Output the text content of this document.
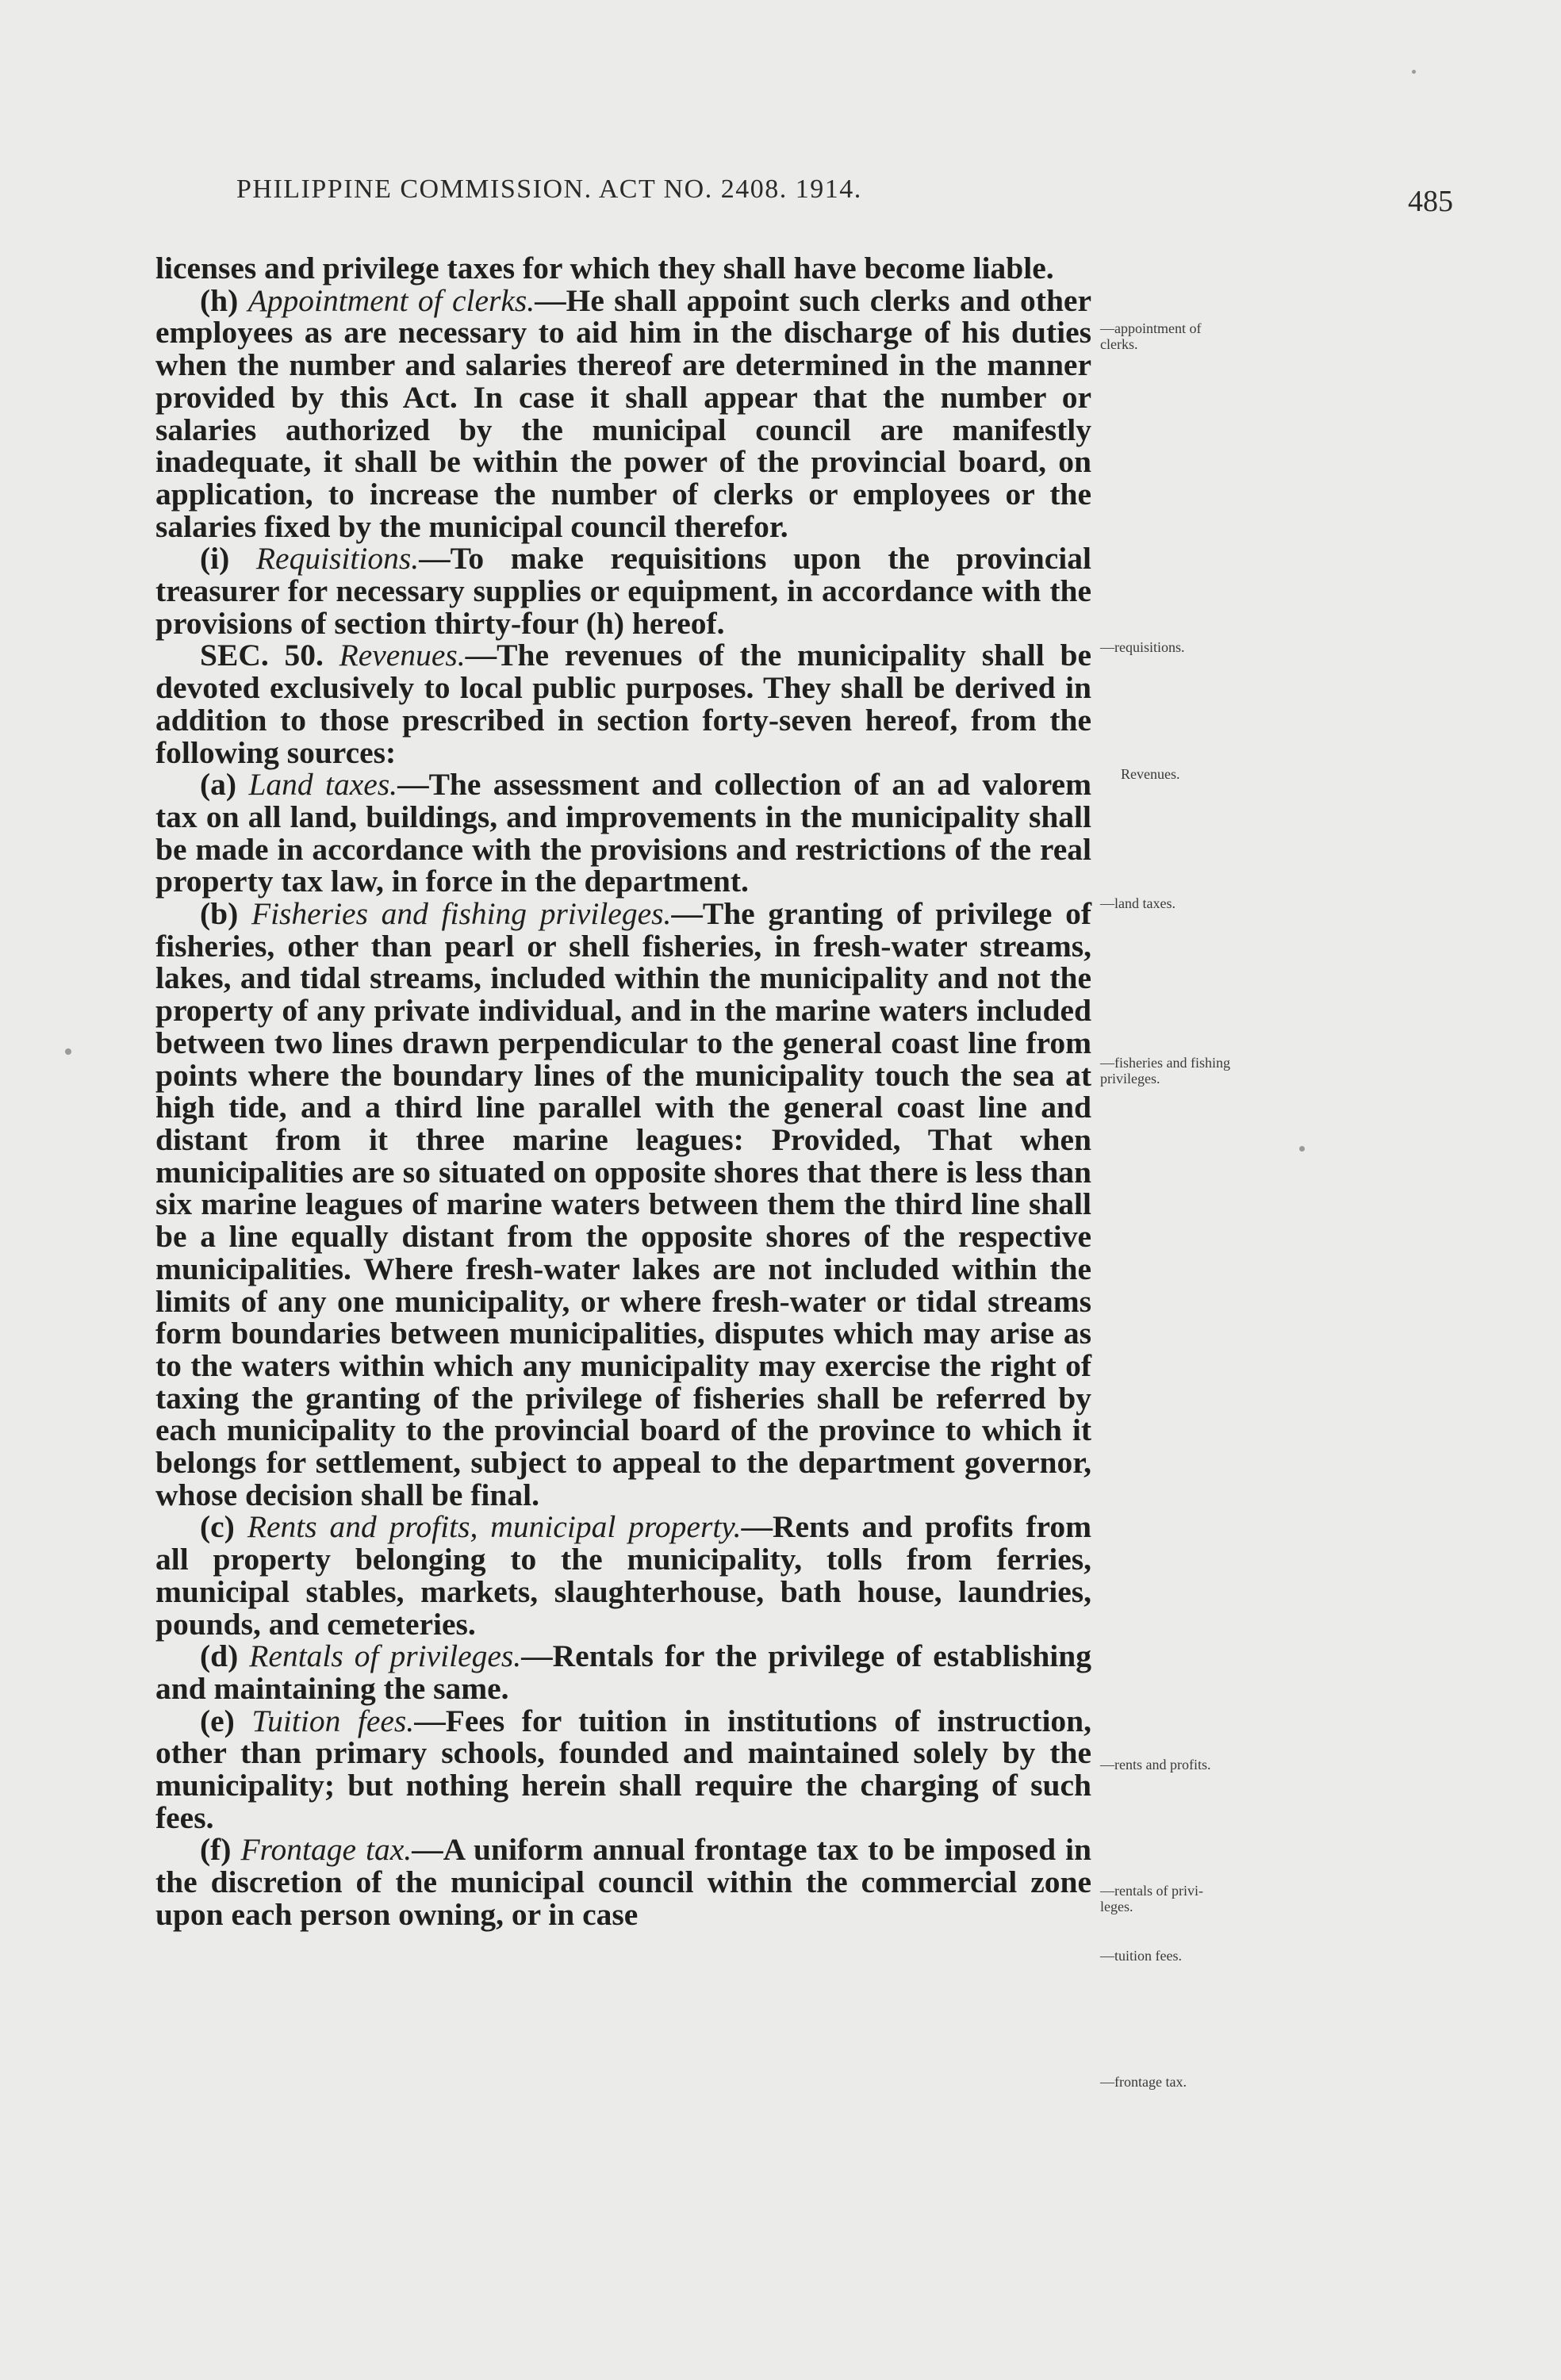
PHILIPPINE COMMISSION. ACT NO. 2408. 1914.	485

licenses and privilege taxes for which they shall have become liable.

(h) Appointment of clerks.—He shall appoint such clerks and other employees as are necessary to aid him in the discharge of his duties when the number and salaries thereof are determined in the manner provided by this Act. In case it shall appear that the number or salaries authorized by the municipal council are manifestly inadequate, it shall be within the power of the provincial board, on application, to increase the number of clerks or employees or the salaries fixed by the municipal council therefor.

(i) Requisitions.—To make requisitions upon the provincial treasurer for necessary supplies or equipment, in accordance with the provisions of section thirty-four (h) hereof.

SEC. 50. Revenues.—The revenues of the municipality shall be devoted exclusively to local public purposes. They shall be derived in addition to those prescribed in section forty-seven hereof, from the following sources:

(a) Land taxes.—The assessment and collection of an ad valorem tax on all land, buildings, and improvements in the municipality shall be made in accordance with the provisions and restrictions of the real property tax law, in force in the department.

(b) Fisheries and fishing privileges.—The granting of privilege of fisheries, other than pearl or shell fisheries, in fresh-water streams, lakes, and tidal streams, included within the municipality and not the property of any private individual, and in the marine waters included between two lines drawn perpendicular to the general coast line from points where the boundary lines of the municipality touch the sea at high tide, and a third line parallel with the general coast line and distant from it three marine leagues: Provided, That when municipalities are so situated on opposite shores that there is less than six marine leagues of marine waters between them the third line shall be a line equally distant from the opposite shores of the respective municipalities. Where fresh-water lakes are not included within the limits of any one municipality, or where fresh-water or tidal streams form boundaries between municipalities, disputes which may arise as to the waters within which any municipality may exercise the right of taxing the granting of the privilege of fisheries shall be referred by each municipality to the provincial board of the province to which it belongs for settlement, subject to appeal to the department governor, whose decision shall be final.

(c) Rents and profits, municipal property.—Rents and profits from all property belonging to the municipality, tolls from ferries, municipal stables, markets, slaughterhouse, bath house, laundries, pounds, and cemeteries.

(d) Rentals of privileges.—Rentals for the privilege of establishing and maintaining the same.

(e) Tuition fees.—Fees for tuition in institutions of instruction, other than primary schools, founded and maintained solely by the municipality; but nothing herein shall require the charging of such fees.

(f) Frontage tax.—A uniform annual frontage tax to be imposed in the discretion of the municipal council within the commercial zone upon each person owning, or in case

—appointment of
clerks.
—requisitions.
Revenues.
—land taxes.
—fisheries and fishing
privileges.
—rents and profits.
—rentals of privi-
leges.
—tuition fees.
—frontage tax.
